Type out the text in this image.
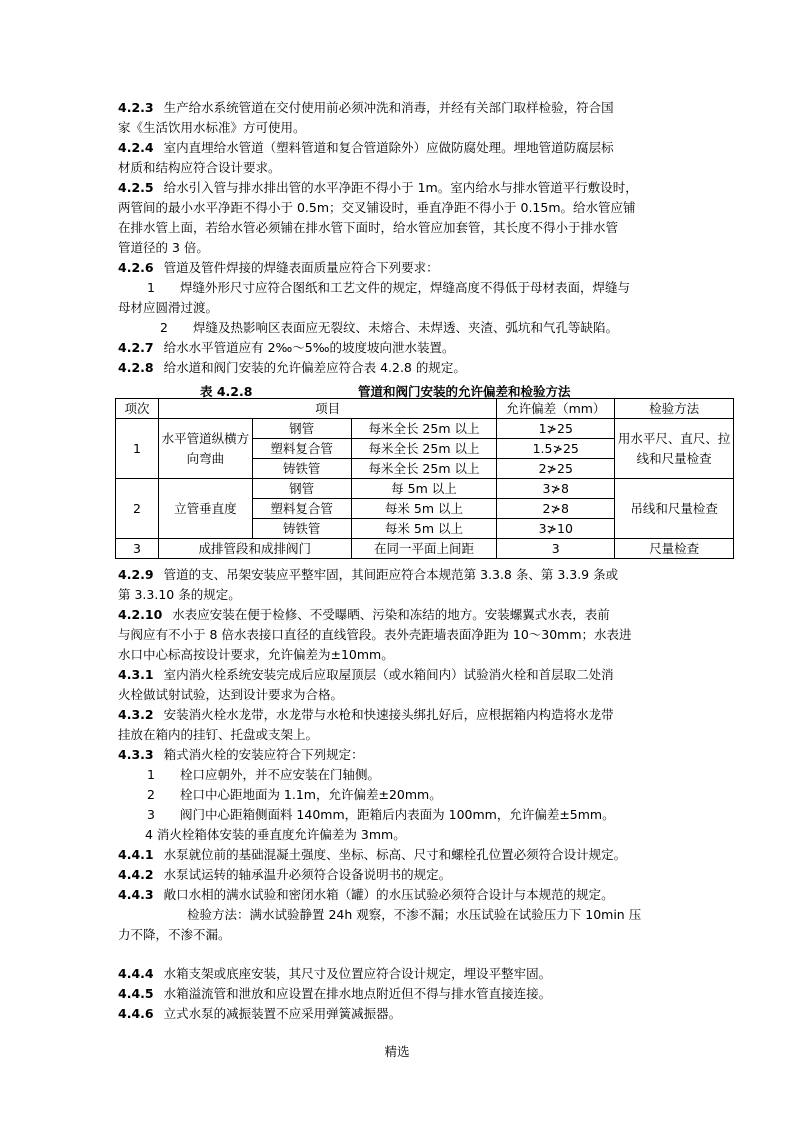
4.2.3 生产给水系统管道在交付使用前必须冲洗和消毒，并经有关部门取样检验，符合国
家《生活饮用水标准》方可使用。
4.2.4 室内直埋给水管道（塑料管道和复合管道除外）应做防腐处理。埋地管道防腐层标
材质和结构应符合设计要求。
4.2.5 给水引入管与排水排出管的水平净距不得小于 1m。室内给水与排水管道平行敷设时，
两管间的最小水平净距不得小于 0.5m；交叉铺设时，垂直净距不得小于 0.15m。给水管应铺
在排水管上面，若给水管必须铺在排水管下面时，给水管应加套管，其长度不得小于排水管
管道径的 3 倍。
4.2.6 管道及管件焊接的焊缝表面质量应符合下列要求：
1　　焊缝外形尺寸应符合图纸和工艺文件的规定，焊缝高度不得低于母材表面，焊缝与
母材应圆滑过渡。
2　　焊缝及热影响区表面应无裂纹、未熔合、未焊透、夹渣、弧坑和气孔等缺陷。
4.2.7 给水水平管道应有 2‰～5‰的坡度坡向泄水装置。
4.2.8 给水道和阀门安装的允许偏差应符合表 4.2.8 的规定。
表 4.2.8	管道和阀门安装的允许偏差和检验方法
项次	项目			允许偏差（mm）	检验方法
1	水平管道纵横方向弯曲	钢管	每米全长 25m 以上	1≯25	用水平尺、直尺、拉线和尺量检查
		塑料复合管	每米全长 25m 以上	1.5≯25	
		铸铁管	每米全长 25m 以上	2≯25	
2	立管垂直度	钢管	每 5m 以上	3≯8	吊线和尺量检查
		塑料复合管	每米 5m 以上	2≯8	
		铸铁管	每米 5m 以上	3≯10	
3	成排管段和成排阀门		在同一平面上间距	3	尺量检查
4.2.9 管道的支、吊架安装应平整牢固，其间距应符合本规范第 3.3.8 条、第 3.3.9 条或
第 3.3.10 条的规定。
4.2.10 水表应安装在便于检修、不受曝晒、污染和冻结的地方。安装螺翼式水表，表前
与阀应有不小于 8 倍水表接口直径的直线管段。表外壳距墙表面净距为 10～30mm；水表进
水口中心标高按设计要求，允许偏差为±10mm。
4.3.1 室内消火栓系统安装完成后应取屋顶层（或水箱间内）试验消火栓和首层取二处消
火栓做试射试验，达到设计要求为合格。
4.3.2 安装消火栓水龙带，水龙带与水枪和快速接头绑扎好后，应根据箱内构造将水龙带
挂放在箱内的挂钉、托盘或支架上。
4.3.3 箱式消火栓的安装应符合下列规定：
1　　栓口应朝外，并不应安装在门轴侧。
2　　栓口中心距地面为 1.1m，允许偏差±20mm。
3　　阀门中心距箱侧面料 140mm，距箱后内表面为 100mm，允许偏差±5mm。
4 消火栓箱体安装的垂直度允许偏差为 3mm。
4.4.1 水泵就位前的基础混凝土强度、坐标、标高、尺寸和螺栓孔位置必须符合设计规定。
4.4.2 水泵试运转的轴承温升必须符合设备说明书的规定。
4.4.3 敞口水相的满水试验和密闭水箱（罐）的水压试验必须符合设计与本规范的规定。
检验方法：满水试验静置 24h 观察，不渗不漏；水压试验在试验压力下 10min 压
力不降，不渗不漏。
4.4.4 水箱支架或底座安装，其尺寸及位置应符合设计规定，埋设平整牢固。
4.4.5 水箱溢流管和泄放和应设置在排水地点附近但不得与排水管直接连接。
4.4.6 立式水泵的减振装置不应采用弹簧减振器。
精选
